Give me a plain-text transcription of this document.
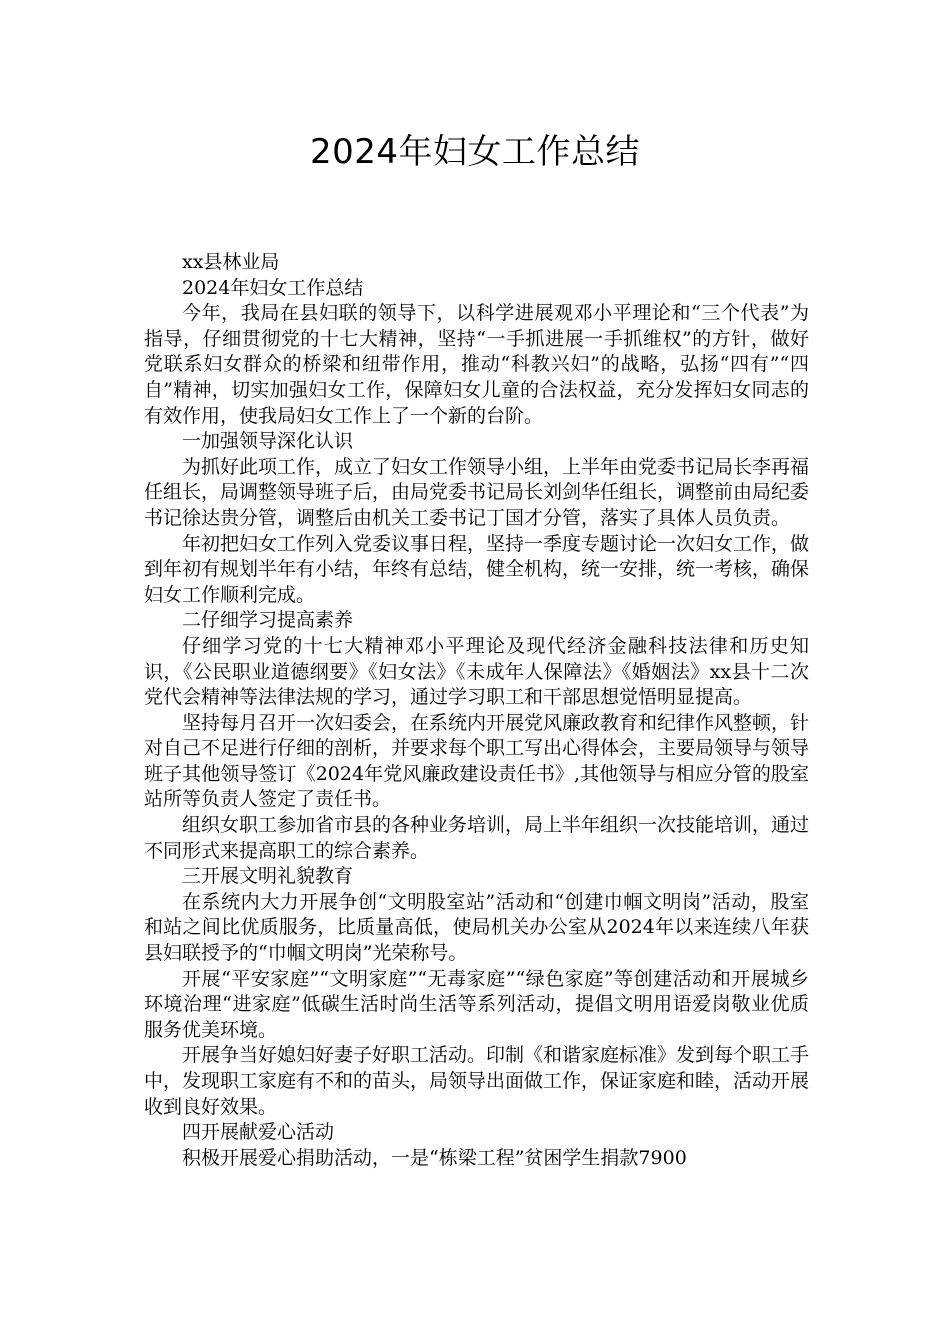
2024年妇女工作总结

xx县林业局

2024年妇女工作总结

今年，我局在县妇联的领导下，以科学进展观邓小平理论和“三个代表”为指导，仔细贯彻党的十七大精神，坚持“一手抓进展一手抓维权”的方针，做好党联系妇女群众的桥梁和纽带作用，推动“科教兴妇”的战略，弘扬“四有”“四自”精神，切实加强妇女工作，保障妇女儿童的合法权益，充分发挥妇女同志的有效作用，使我局妇女工作上了一个新的台阶。

一加强领导深化认识

为抓好此项工作，成立了妇女工作领导小组，上半年由党委书记局长李再福任组长，局调整领导班子后，由局党委书记局长刘剑华任组长，调整前由局纪委书记徐达贵分管，调整后由机关工委书记丁国才分管，落实了具体人员负责。

年初把妇女工作列入党委议事日程，坚持一季度专题讨论一次妇女工作，做到年初有规划半年有小结，年终有总结，健全机构，统一安排，统一考核，确保妇女工作顺利完成。

二仔细学习提高素养

仔细学习党的十七大精神邓小平理论及现代经济金融科技法律和历史知识，《公民职业道德纲要》《妇女法》《未成年人保障法》《婚姻法》xx县十二次党代会精神等法律法规的学习，通过学习职工和干部思想觉悟明显提高。

坚持每月召开一次妇委会，在系统内开展党风廉政教育和纪律作风整顿，针对自己不足进行仔细的剖析，并要求每个职工写出心得体会，主要局领导与领导班子其他领导签订《2024年党风廉政建设责任书》,其他领导与相应分管的股室站所等负责人签定了责任书。

组织女职工参加省市县的各种业务培训，局上半年组织一次技能培训，通过不同形式来提高职工的综合素养。

三开展文明礼貌教育

在系统内大力开展争创“文明股室站”活动和“创建巾帼文明岗”活动，股室和站之间比优质服务，比质量高低，使局机关办公室从2024年以来连续八年获县妇联授予的“巾帼文明岗”光荣称号。

开展“平安家庭”“文明家庭”“无毒家庭”“绿色家庭”等创建活动和开展城乡环境治理“进家庭”低碳生活时尚生活等系列活动，提倡文明用语爱岗敬业优质服务优美环境。

开展争当好媳妇好妻子好职工活动。印制《和谐家庭标准》发到每个职工手中，发现职工家庭有不和的苗头，局领导出面做工作，保证家庭和睦，活动开展收到良好效果。

四开展献爱心活动

积极开展爱心捐助活动，一是“栋梁工程”贫困学生捐款7900
